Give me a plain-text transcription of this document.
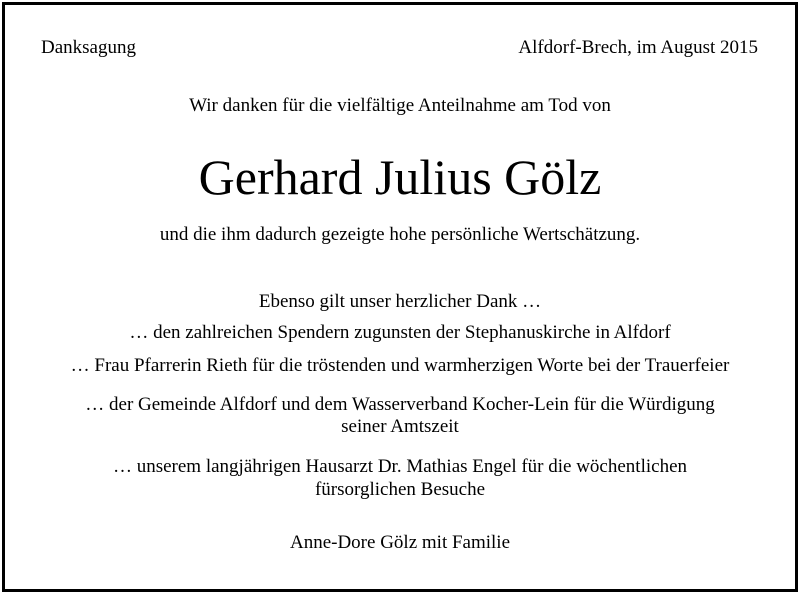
Danksagung	Alfdorf-Brech, im August 2015
Wir danken für die vielfältige Anteilnahme am Tod von
Gerhard Julius Gölz
und die ihm dadurch gezeigte hohe persönliche Wertschätzung.
Ebenso gilt unser herzlicher Dank …
… den zahlreichen Spendern zugunsten der Stephanuskirche in Alfdorf
… Frau Pfarrerin Rieth für die tröstenden und warmherzigen Worte bei der Trauerfeier
… der Gemeinde Alfdorf und dem Wasserverband Kocher-Lein für die Würdigung
seiner Amtszeit
… unserem langjährigen Hausarzt Dr. Mathias Engel für die wöchentlichen
fürsorglichen Besuche
Anne-Dore Gölz mit Familie
